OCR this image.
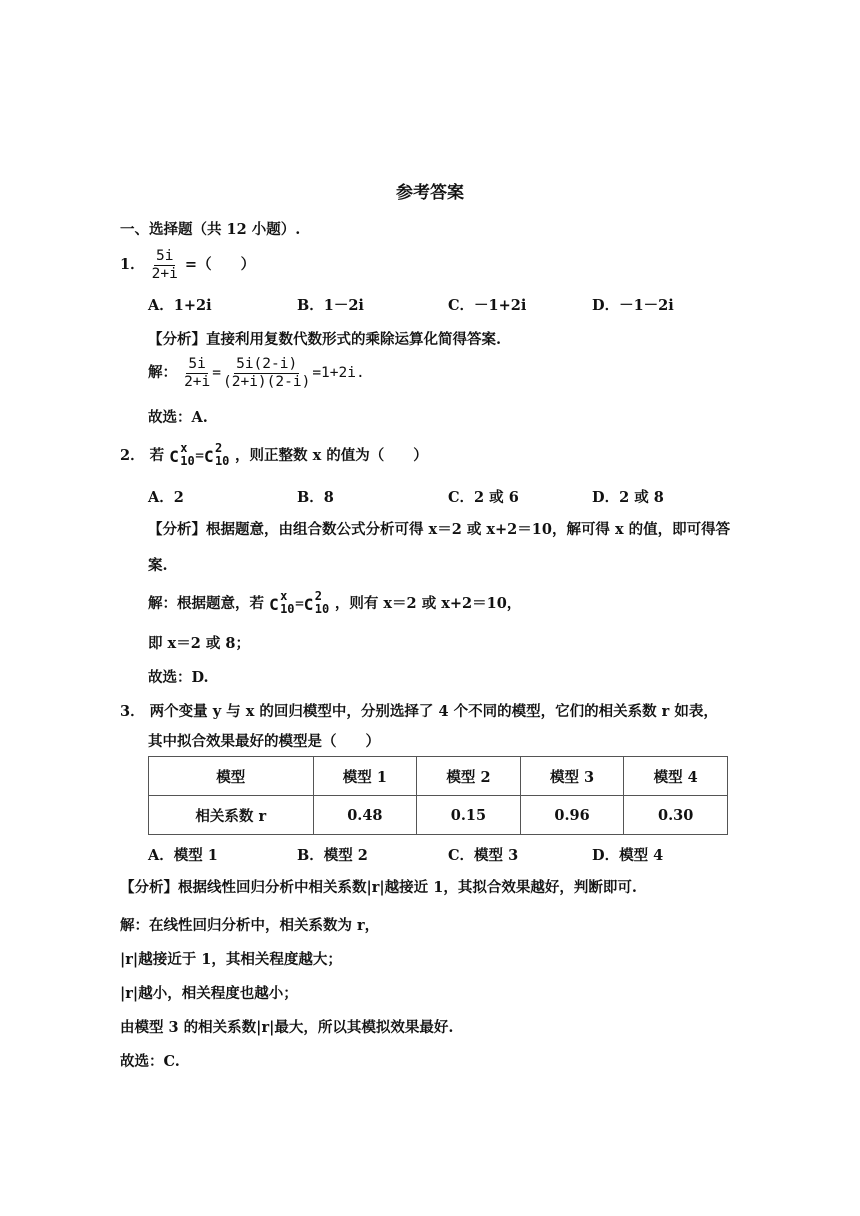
参考答案
一、选择题（共 12 小题）.
1． $\frac{5i}{2+i}$ =（　　）
A．1+2i	B．1－2i	C．－1+2i	D．－1－2i
【分析】直接利用复数代数形式的乘除运算化简得答案.
解： $\frac{5i}{2+i} = \frac{5i(2-i)}{(2+i)(2-i)} =1+2i$.
故选：A.
2． 若 C x
10 = C 2
10 ，则正整数 x 的值为（　　）
A．2	B．8	C．2 或 6	D．2 或 8
【分析】根据题意，由组合数公式分析可得 x＝2 或 x+2＝10，解可得 x 的值，即可得答
案.
解：根据题意，若 C x
10 = C 2
10 ，则有 x＝2 或 x+2＝10，
即 x＝2 或 8；
故选：D.
3． 两个变量 y 与 x 的回归模型中，分别选择了 4 个不同的模型，它们的相关系数 r 如表，
其中拟合效果最好的模型是（　　）
模型	模型 1	模型 2	模型 3	模型 4
相关系数 r	0.48	0.15	0.96	0.30
A．模型 1	B．模型 2	C．模型 3	D．模型 4
【分析】根据线性回归分析中相关系数|r|越接近 1，其拟合效果越好，判断即可.
解：在线性回归分析中，相关系数为 r，
|r|越接近于 1，其相关程度越大；
|r|越小，相关程度也越小；
由模型 3 的相关系数|r|最大，所以其模拟效果最好.
故选：C.
